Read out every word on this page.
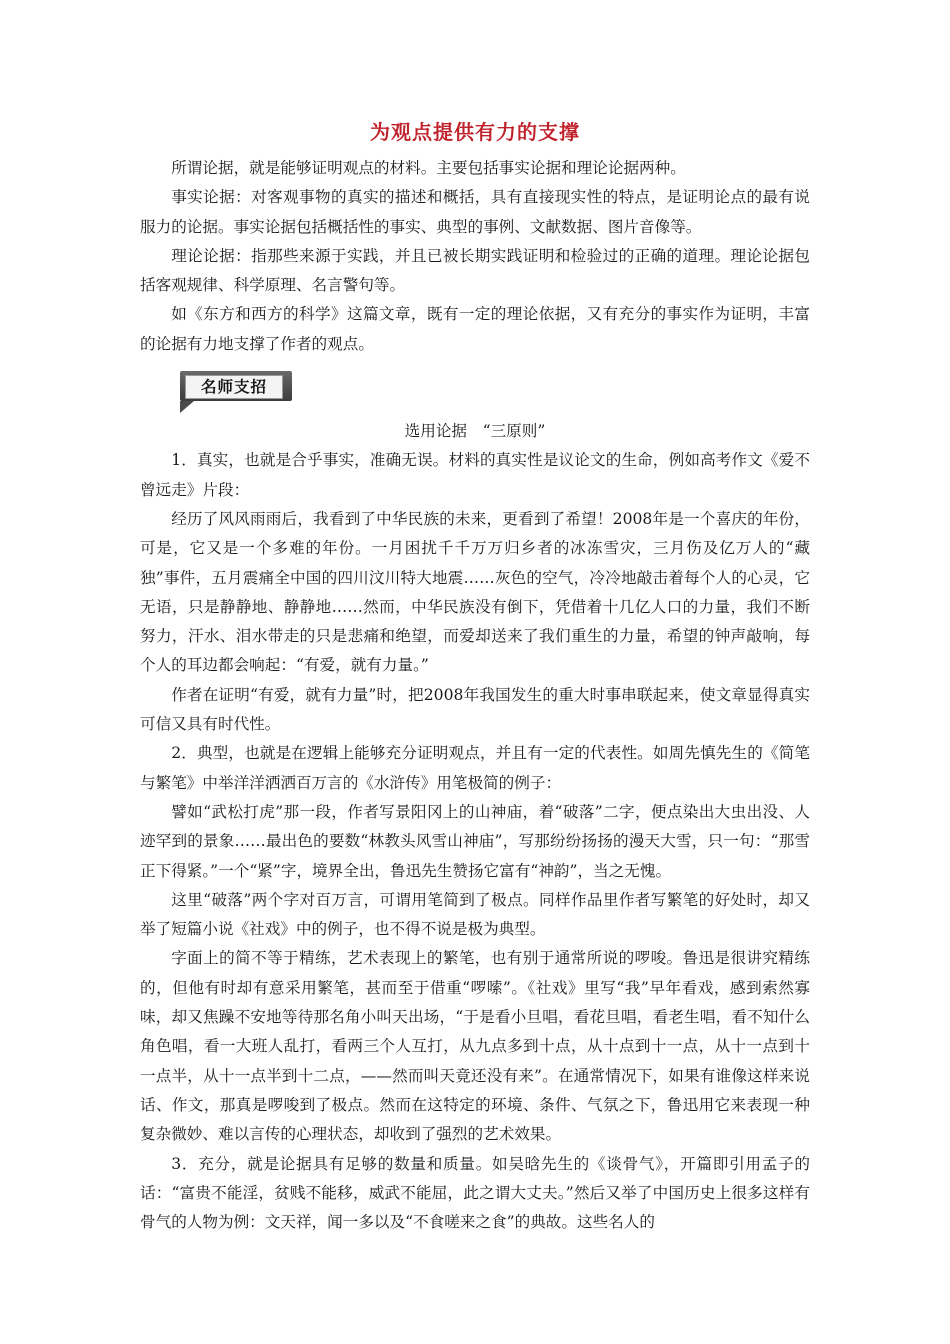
为观点提供有力的支撑

所谓论据，就是能够证明观点的材料。主要包括事实论据和理论论据两种。

事实论据：对客观事物的真实的描述和概括，具有直接现实性的特点，是证明论点的最有说服力的论据。事实论据包括概括性的事实、典型的事例、文献数据、图片音像等。

理论论据：指那些来源于实践，并且已被长期实践证明和检验过的正确的道理。理论论据包括客观规律、科学原理、名言警句等。

如《东方和西方的科学》这篇文章，既有一定的理论依据，又有充分的事实作为证明，丰富的论据有力地支撑了作者的观点。

名师支招
选用论据　“三原则”

1．真实，也就是合乎事实，准确无误。材料的真实性是议论文的生命，例如高考作文《爱不曾远走》片段：

经历了风风雨雨后，我看到了中华民族的未来，更看到了希望！2008年是一个喜庆的年份，可是，它又是一个多难的年份。一月困扰千千万万归乡者的冰冻雪灾，三月伤及亿万人的“藏独”事件，五月震痛全中国的四川汶川特大地震……灰色的空气，冷冷地敲击着每个人的心灵，它无语，只是静静地、静静地……然而，中华民族没有倒下，凭借着十几亿人口的力量，我们不断努力，汗水、泪水带走的只是悲痛和绝望，而爱却送来了我们重生的力量，希望的钟声敲响，每个人的耳边都会响起：“有爱，就有力量。”

作者在证明“有爱，就有力量”时，把2008年我国发生的重大时事串联起来，使文章显得真实可信又具有时代性。

2．典型，也就是在逻辑上能够充分证明观点，并且有一定的代表性。如周先慎先生的《简笔与繁笔》中举洋洋洒洒百万言的《水浒传》用笔极简的例子：

譬如“武松打虎”那一段，作者写景阳冈上的山神庙，着“破落”二字，便点染出大虫出没、人迹罕到的景象……最出色的要数“林教头风雪山神庙”，写那纷纷扬扬的漫天大雪，只一句：“那雪正下得紧。”一个“紧”字，境界全出，鲁迅先生赞扬它富有“神韵”，当之无愧。

这里“破落”两个字对百万言，可谓用笔简到了极点。同样作品里作者写繁笔的好处时，却又举了短篇小说《社戏》中的例子，也不得不说是极为典型。

字面上的简不等于精练，艺术表现上的繁笔，也有别于通常所说的啰唆。鲁迅是很讲究精练的，但他有时却有意采用繁笔，甚而至于借重“啰嗦”。《社戏》里写“我”早年看戏，感到索然寡味，却又焦躁不安地等待那名角小叫天出场，“于是看小旦唱，看花旦唱，看老生唱，看不知什么角色唱，看一大班人乱打，看两三个人互打，从九点多到十点，从十点到十一点，从十一点到十一点半，从十一点半到十二点，——然而叫天竟还没有来”。在通常情况下，如果有谁像这样来说话、作文，那真是啰唆到了极点。然而在这特定的环境、条件、气氛之下，鲁迅用它来表现一种复杂微妙、难以言传的心理状态，却收到了强烈的艺术效果。

3．充分，就是论据具有足够的数量和质量。如吴晗先生的《谈骨气》，开篇即引用孟子的话：“富贵不能淫，贫贱不能移，威武不能屈，此之谓大丈夫。”然后又举了中国历史上很多这样有骨气的人物为例：文天祥，闻一多以及“不食嗟来之食”的典故。这些名人的
